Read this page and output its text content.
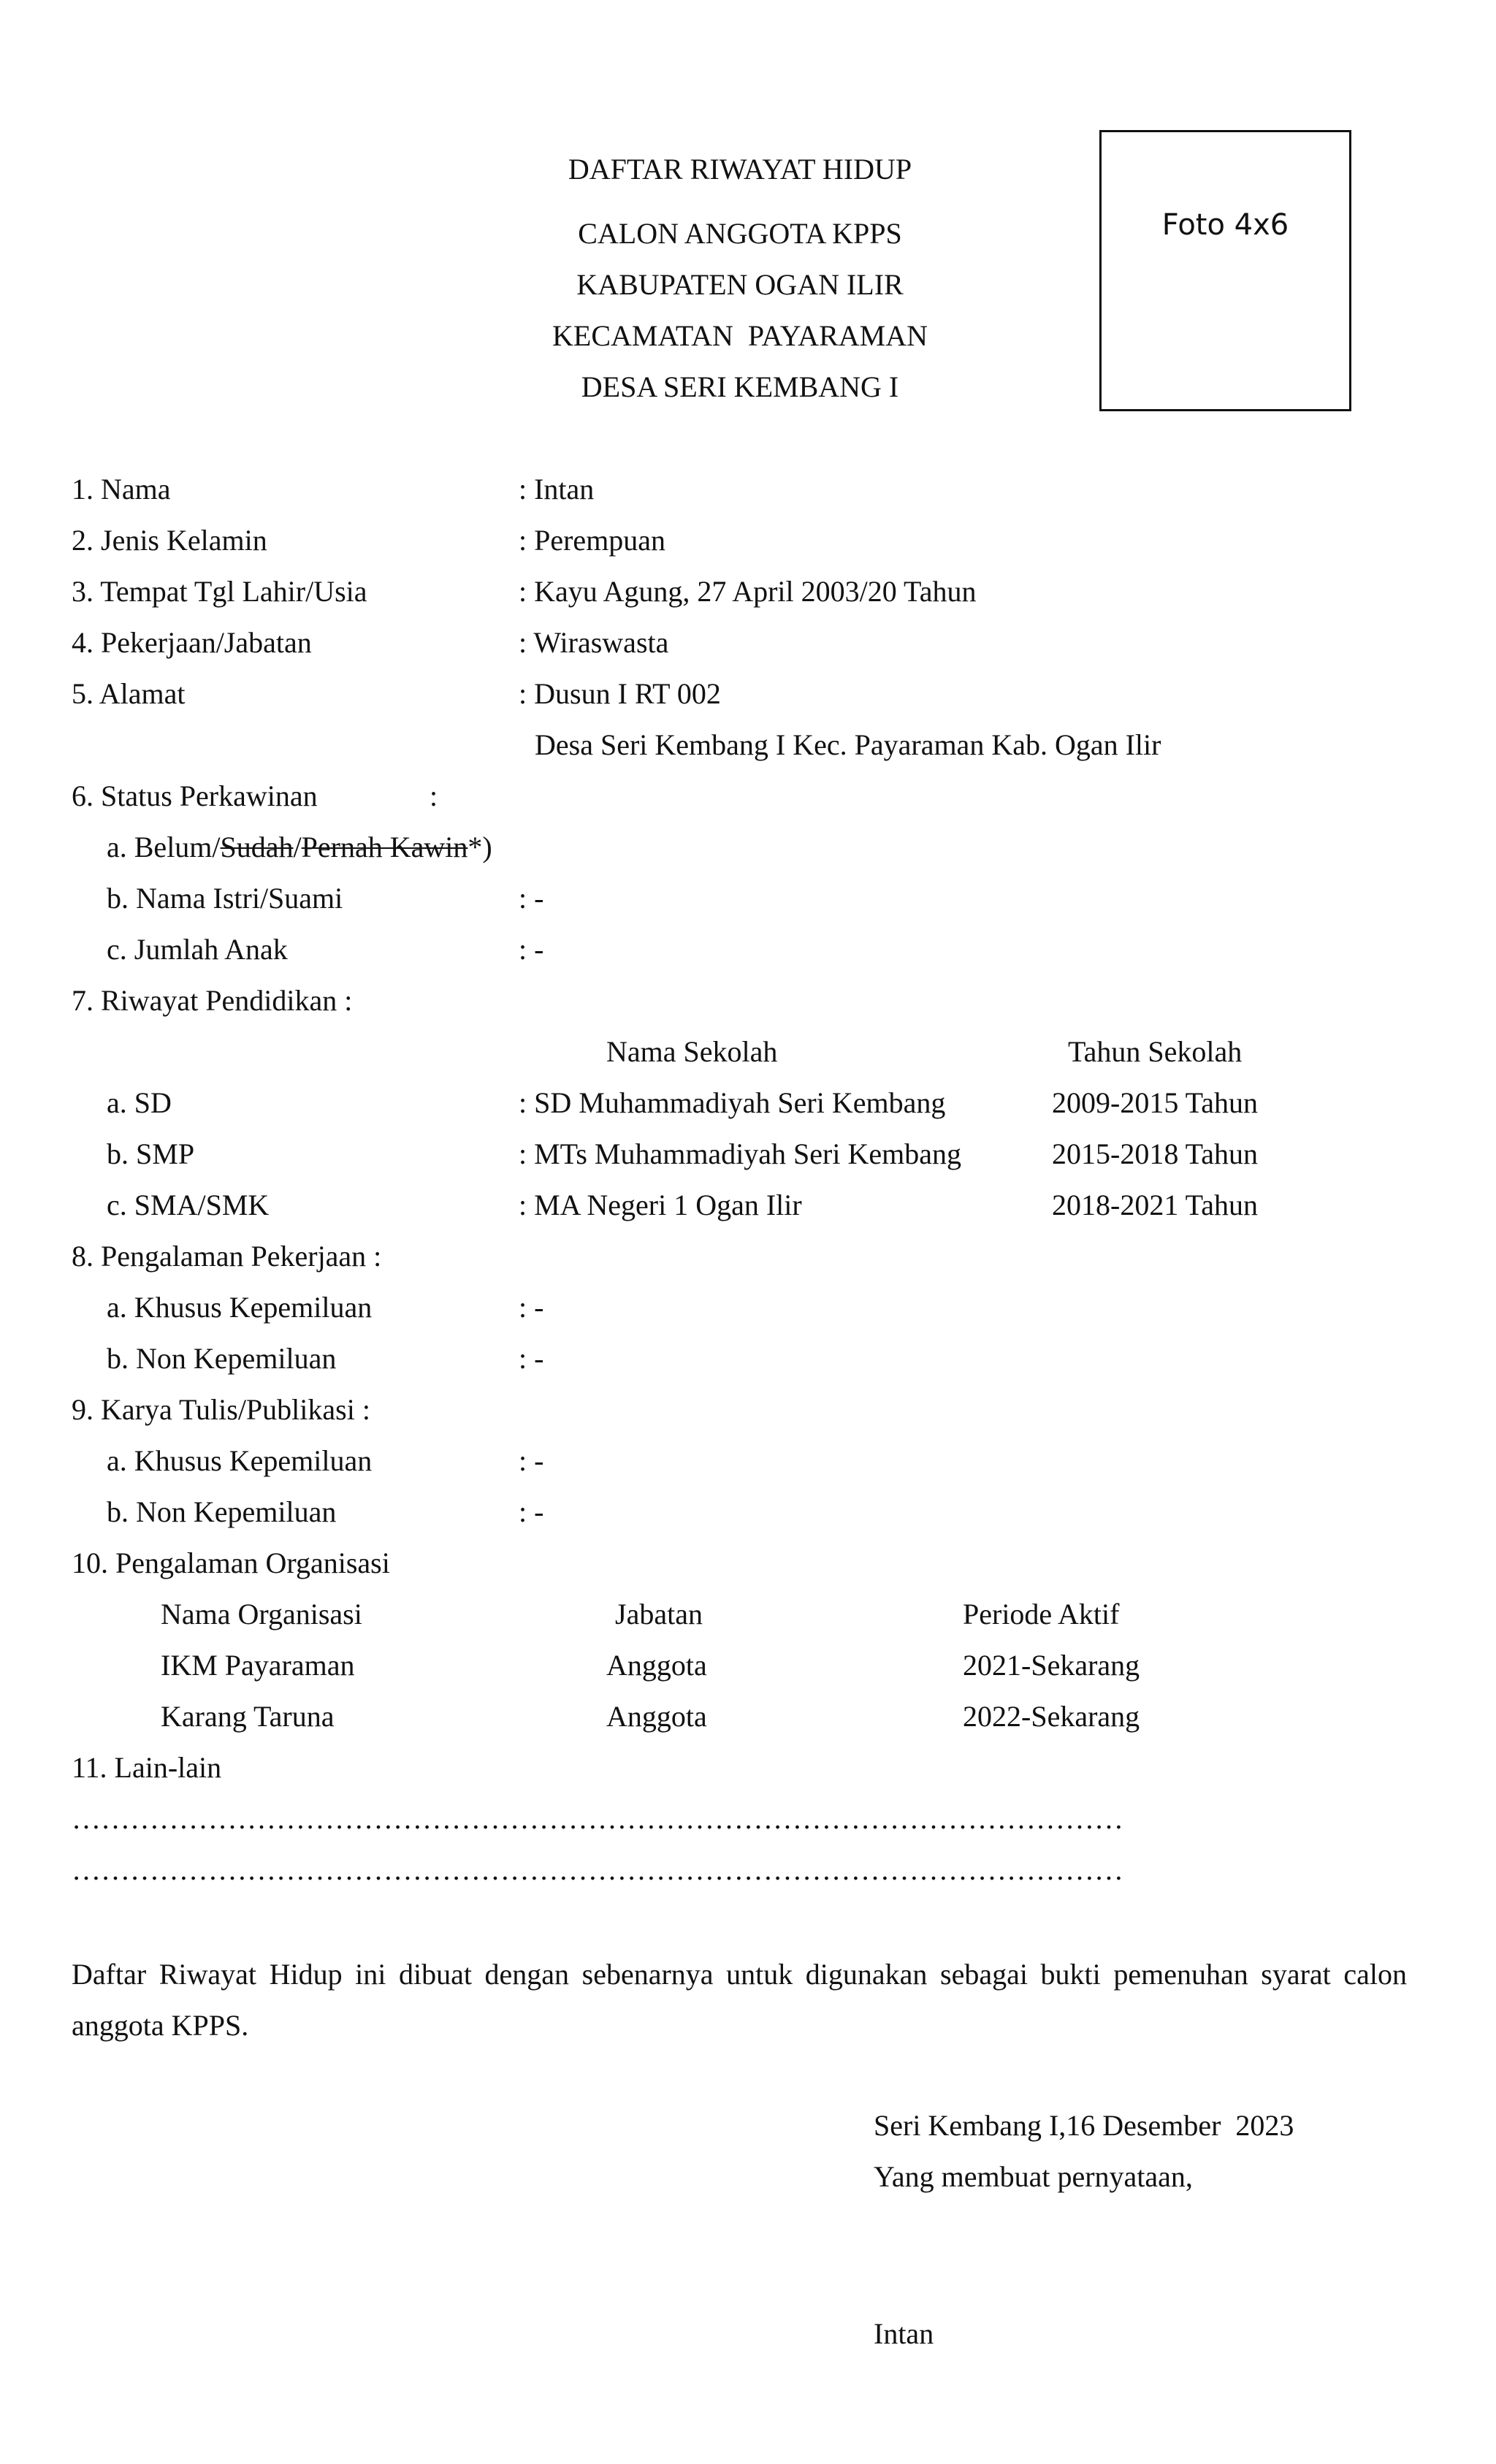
DAFTAR RIWAYAT HIDUP
CALON ANGGOTA KPPS
KABUPATEN OGAN ILIR
KECAMATAN  PAYARAMAN
DESA SERI KEMBANG I
Foto 4x6
1. Nama	: Intan
2. Jenis Kelamin	: Perempuan
3. Tempat Tgl Lahir/Usia	: Kayu Agung, 27 April 2003/20 Tahun
4. Pekerjaan/Jabatan	: Wiraswasta
5. Alamat	: Dusun I RT 002
Desa Seri Kembang I Kec. Payaraman Kab. Ogan Ilir
6. Status Perkawinan	:
a. Belum/Sudah/Pernah Kawin*)
b. Nama Istri/Suami	: -
c. Jumlah Anak	: -
7. Riwayat Pendidikan :
Nama Sekolah	Tahun Sekolah
a. SD	: SD Muhammadiyah Seri Kembang	2009-2015 Tahun
b. SMP	: MTs Muhammadiyah Seri Kembang	2015-2018 Tahun
c. SMA/SMK	: MA Negeri 1 Ogan Ilir	2018-2021 Tahun
8. Pengalaman Pekerjaan :
a. Khusus Kepemiluan	: -
b. Non Kepemiluan	: -
9. Karya Tulis/Publikasi :
a. Khusus Kepemiluan	: -
b. Non Kepemiluan	: -
10. Pengalaman Organisasi
Nama Organisasi	Jabatan	Periode Aktif
IKM Payaraman	Anggota	2021-Sekarang
Karang Taruna	Anggota	2022-Sekarang
11. Lain-lain
………………………………………………………………………………………………
………………………………………………………………………………………………
Daftar Riwayat Hidup ini dibuat dengan sebenarnya untuk digunakan sebagai bukti pemenuhan syarat calon anggota KPPS.
Seri Kembang I,16 Desember  2023
Yang membuat pernyataan,
Intan
